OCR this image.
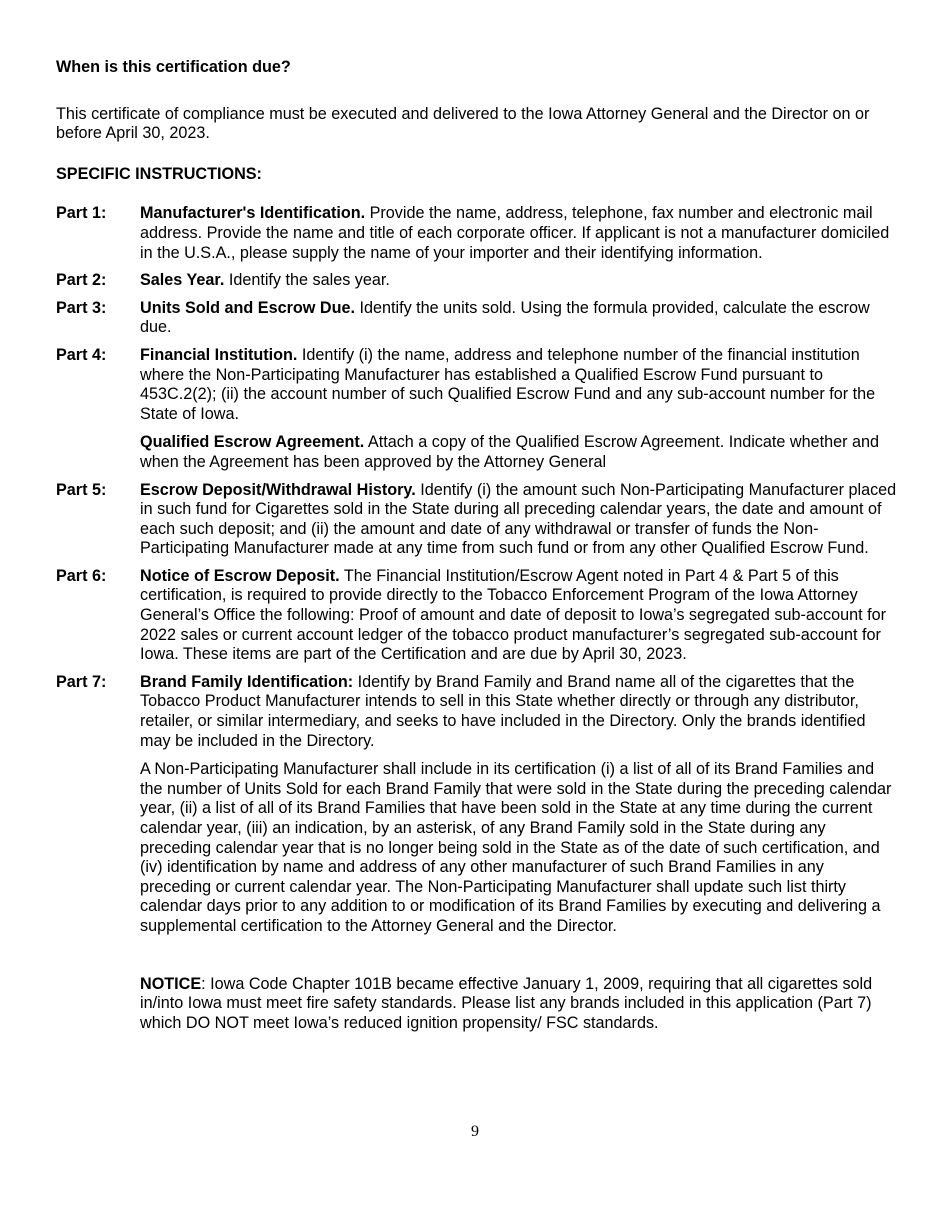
When is this certification due?

This certificate of compliance must be executed and delivered to the Iowa Attorney General and the Director on or before April 30, 2023.

SPECIFIC INSTRUCTIONS:

Part 1:	Manufacturer's Identification. Provide the name, address, telephone, fax number and electronic mail address. Provide the name and title of each corporate officer. If applicant is not a manufacturer domiciled in the U.S.A., please supply the name of your importer and their identifying information.

Part 2:	Sales Year. Identify the sales year.

Part 3:	Units Sold and Escrow Due. Identify the units sold. Using the formula provided, calculate the escrow due.

Part 4:	Financial Institution. Identify (i) the name, address and telephone number of the financial institution where the Non-Participating Manufacturer has established a Qualified Escrow Fund pursuant to 453C.2(2); (ii) the account number of such Qualified Escrow Fund and any sub-account number for the State of Iowa.

Qualified Escrow Agreement. Attach a copy of the Qualified Escrow Agreement. Indicate whether and when the Agreement has been approved by the Attorney General

Part 5:	Escrow Deposit/Withdrawal History. Identify (i) the amount such Non-Participating Manufacturer placed in such fund for Cigarettes sold in the State during all preceding calendar years, the date and amount of each such deposit; and (ii) the amount and date of any withdrawal or transfer of funds the Non-Participating Manufacturer made at any time from such fund or from any other Qualified Escrow Fund.

Part 6:	Notice of Escrow Deposit. The Financial Institution/Escrow Agent noted in Part 4 & Part 5 of this certification, is required to provide directly to the Tobacco Enforcement Program of the Iowa Attorney General’s Office the following: Proof of amount and date of deposit to Iowa’s segregated sub-account for 2022 sales or current account ledger of the tobacco product manufacturer’s segregated sub-account for Iowa. These items are part of the Certification and are due by April 30, 2023.

Part 7:	Brand Family Identification: Identify by Brand Family and Brand name all of the cigarettes that the Tobacco Product Manufacturer intends to sell in this State whether directly or through any distributor, retailer, or similar intermediary, and seeks to have included in the Directory. Only the brands identified may be included in the Directory.

A Non-Participating Manufacturer shall include in its certification (i) a list of all of its Brand Families and the number of Units Sold for each Brand Family that were sold in the State during the preceding calendar year, (ii) a list of all of its Brand Families that have been sold in the State at any time during the current calendar year, (iii) an indication, by an asterisk, of any Brand Family sold in the State during any preceding calendar year that is no longer being sold in the State as of the date of such certification, and (iv) identification by name and address of any other manufacturer of such Brand Families in any preceding or current calendar year. The Non-Participating Manufacturer shall update such list thirty calendar days prior to any addition to or modification of its Brand Families by executing and delivering a supplemental certification to the Attorney General and the Director.

NOTICE: Iowa Code Chapter 101B became effective January 1, 2009, requiring that all cigarettes sold in/into Iowa must meet fire safety standards. Please list any brands included in this application (Part 7) which DO NOT meet Iowa’s reduced ignition propensity/ FSC standards.

9
